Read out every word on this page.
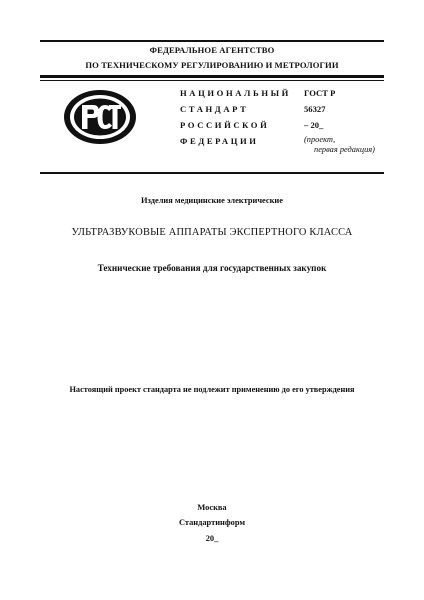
ФЕДЕРАЛЬНОЕ АГЕНТСТВО
ПО ТЕХНИЧЕСКОМУ РЕГУЛИРОВАНИЮ И МЕТРОЛОГИИ
НАЦИОНАЛЬНЫЙ
СТАНДАРТ
РОССИЙСКОЙ
ФЕДЕРАЦИИ
ГОСТ Р
56327
– 20_
(проект,
первая редакция)
Изделия медицинские электрические
УЛЬТРАЗВУКОВЫЕ АППАРАТЫ ЭКСПЕРТНОГО КЛАССА
Технические требования для государственных закупок
Настоящий проект стандарта не подлежит применению до его утверждения
Москва
Стандартинформ
20_
